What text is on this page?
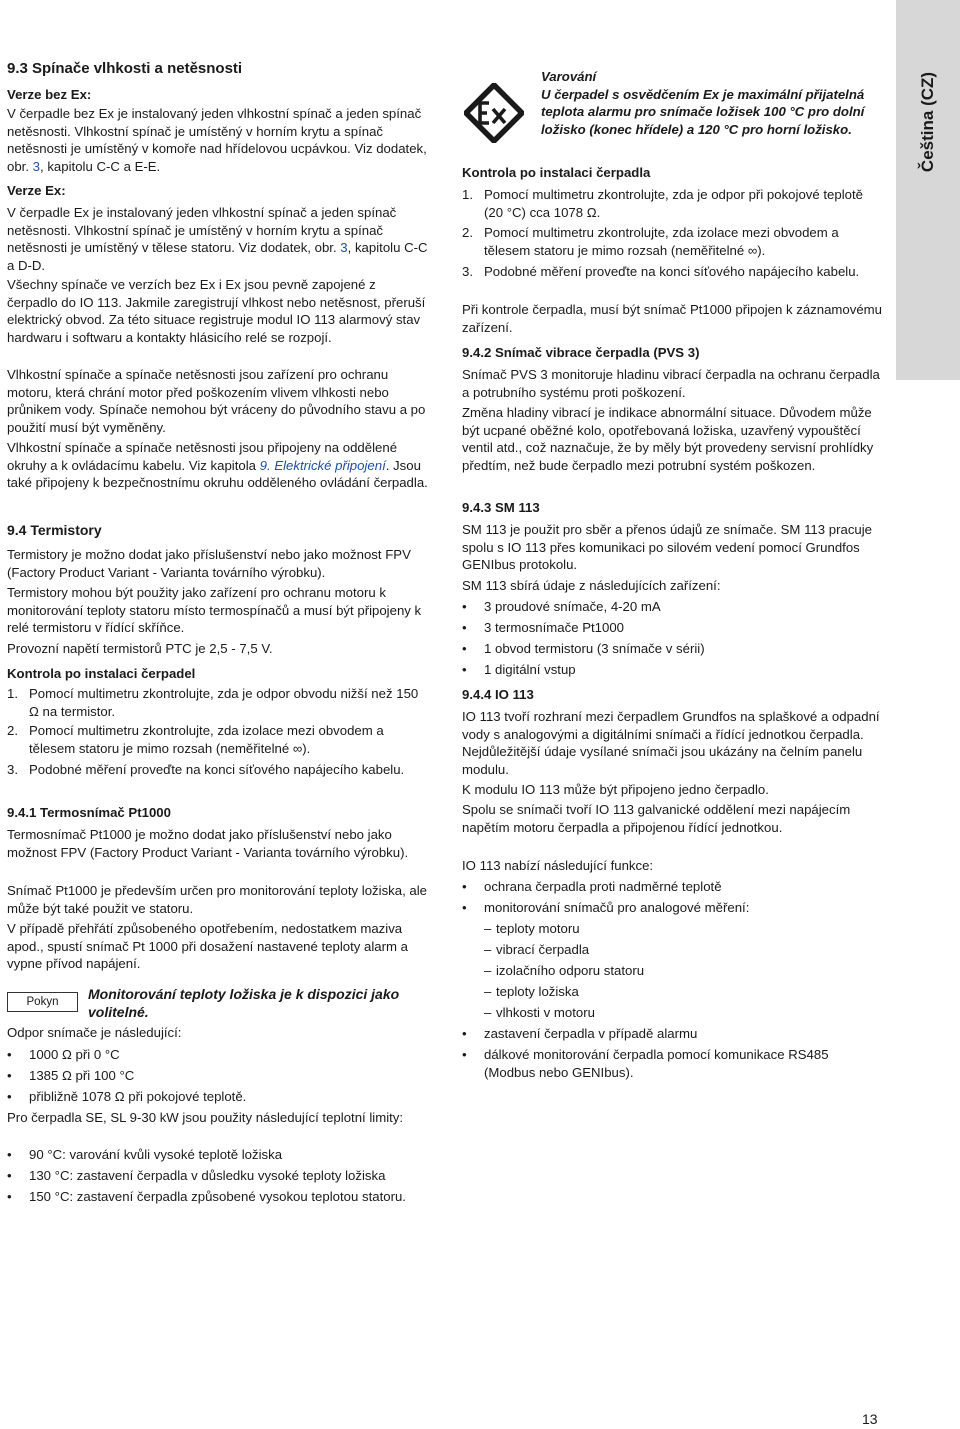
Čeština (CZ)
9.3 Spínače vlhkosti a netěsnosti
Verze bez Ex:
V čerpadle bez Ex je instalovaný jeden vlhkostní spínač a jeden spínač netěsnosti. Vlhkostní spínač je umístěný v horním krytu a spínač netěsnosti je umístěný v komoře nad hřídelovou ucpávkou. Viz dodatek, obr. 3, kapitolu C-C a E-E.
Verze Ex:
V čerpadle Ex je instalovaný jeden vlhkostní spínač a jeden spínač netěsnosti. Vlhkostní spínač je umístěný v horním krytu a spínač netěsnosti je umístěný v tělese statoru. Viz dodatek, obr. 3, kapitolu C-C a D-D.
Všechny spínače ve verzích bez Ex i Ex jsou pevně zapojené z čerpadlo do IO 113. Jakmile zaregistrují vlhkost nebo netěsnost, přeruší elektrický obvod. Za této situace registruje modul IO 113 alarmový stav hardwaru i softwaru a kontakty hlásicího relé se rozpojí.
Vlhkostní spínače a spínače netěsnosti jsou zařízení pro ochranu motoru, která chrání motor před poškozením vlivem vlhkosti nebo průnikem vody. Spínače nemohou být vráceny do původního stavu a po použití musí být vyměněny.
Vlhkostní spínače a spínače netěsnosti jsou připojeny na oddělené okruhy a k ovládacímu kabelu. Viz kapitola 9. Elektrické připojení. Jsou také připojeny k bezpečnostnímu okruhu odděleného ovládání čerpadla.
9.4 Termistory
Termistory je možno dodat jako příslušenství nebo jako možnost FPV (Factory Product Variant - Varianta továrního výrobku).
Termistory mohou být použity jako zařízení pro ochranu motoru k monitorování teploty statoru místo termospínačů a musí být připojeny k relé termistoru v řídící skříňce.
Provozní napětí termistorů PTC je 2,5 - 7,5 V.
Kontrola po instalaci čerpadel
1. Pomocí multimetru zkontrolujte, zda je odpor obvodu nižší než 150 Ω na termistor.
2. Pomocí multimetru zkontrolujte, zda izolace mezi obvodem a tělesem statoru je mimo rozsah (neměřitelné ∞).
3. Podobné měření proveďte na konci síťového napájecího kabelu.
9.4.1 Termosnímač Pt1000
Termosnímač Pt1000 je možno dodat jako příslušenství nebo jako možnost FPV (Factory Product Variant - Varianta továrního výrobku).
Snímač Pt1000 je především určen pro monitorování teploty ložiska, ale může být také použit ve statoru.
V případě přehřátí způsobeného opotřebením, nedostatkem maziva apod., spustí snímač Pt 1000 při dosažení nastavené teploty alarm a vypne přívod napájení.
Odpor snímače je následující:
• 1000 Ω při 0 °C
• 1385 Ω při 100 °C
• přibližně 1078 Ω při pokojové teplotě.
Pro čerpadla SE, SL 9-30 kW jsou použity následující teplotní limity:
• 90 °C: varování kvůli vysoké teplotě ložiska
• 130 °C: zastavení čerpadla v důsledku vysoké teploty ložiska
• 150 °C: zastavení čerpadla způsobené vysokou teplotou statoru.
Pokyn	Monitorování teploty ložiska je k dispozici jako volitelné.
Varování
U čerpadel s osvědčením Ex je maximální přijatelná teplota alarmu pro snímače ložisek 100 °C pro dolní ložisko (konec hřídele) a 120 °C pro horní ložisko.
Kontrola po instalaci čerpadla
1. Pomocí multimetru zkontrolujte, zda je odpor při pokojové teplotě (20 °C) cca 1078 Ω.
2. Pomocí multimetru zkontrolujte, zda izolace mezi obvodem a tělesem statoru je mimo rozsah (neměřitelné ∞).
3. Podobné měření proveďte na konci síťového napájecího kabelu.
Při kontrole čerpadla, musí být snímač Pt1000 připojen k záznamovému zařízení.
9.4.2 Snímač vibrace čerpadla (PVS 3)
Snímač PVS 3 monitoruje hladinu vibrací čerpadla na ochranu čerpadla a potrubního systému proti poškození.
Změna hladiny vibrací je indikace abnormální situace. Důvodem může být ucpané oběžné kolo, opotřebovaná ložiska, uzavřený vypouštěcí ventil atd., což naznačuje, že by měly být provedeny servisní prohlídky předtím, než bude čerpadlo mezi potrubní systém poškozen.
9.4.3 SM 113
SM 113 je použit pro sběr a přenos údajů ze snímače. SM 113 pracuje spolu s IO 113 přes komunikaci po silovém vedení pomocí Grundfos GENIbus protokolu.
SM 113 sbírá údaje z následujících zařízení:
• 3 proudové snímače, 4-20 mA
• 3 termosnímače Pt1000
• 1 obvod termistoru (3 snímače v sérii)
• 1 digitální vstup
9.4.4 IO 113
IO 113 tvoří rozhraní mezi čerpadlem Grundfos na splaškové a odpadní vody s analogovými a digitálními snímači a řídící jednotkou čerpadla. Nejdůležitější údaje vysílané snímači jsou ukázány na čelním panelu modulu.
K modulu IO 113 může být připojeno jedno čerpadlo.
Spolu se snímači tvoří IO 113 galvanické oddělení mezi napájecím napětím motoru čerpadla a připojenou řídící jednotkou.
IO 113 nabízí následující funkce:
• ochrana čerpadla proti nadměrné teplotě
• monitorování snímačů pro analogové měření:
– teploty motoru
– vibrací čerpadla
– izolačního odporu statoru
– teploty ložiska
– vlhkosti v motoru
• zastavení čerpadla v případě alarmu
• dálkové monitorování čerpadla pomocí komunikace RS485 (Modbus nebo GENIbus).
13
